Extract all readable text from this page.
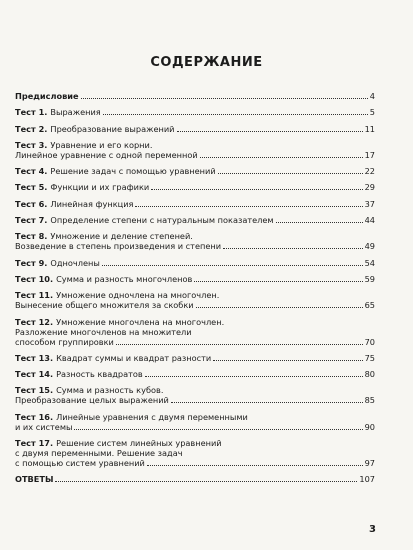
СОДЕРЖАНИЕ
Предисловие	4
Тест 1. Выражения	5
Тест 2. Преобразование выражений	11
Тест 3. Уравнение и его корни.
Линейное уравнение с одной переменной	17
Тест 4. Решение задач с помощью уравнений	22
Тест 5. Функции и их графики	29
Тест 6. Линейная функция	37
Тест 7. Определение степени с натуральным показателем	44
Тест 8. Умножение и деление степеней.
Возведение в степень произведения и степени	49
Тест 9. Одночлены	54
Тест 10. Сумма и разность многочленов	59
Тест 11. Умножение одночлена на многочлен.
Вынесение общего множителя за скобки	65
Тест 12. Умножение многочлена на многочлен.
Разложение многочленов на множители
способом группировки	70
Тест 13. Квадрат суммы и квадрат разности	75
Тест 14. Разность квадратов	80
Тест 15. Сумма и разность кубов.
Преобразование целых выражений	85
Тест 16. Линейные уравнения с двумя переменными
и их системы	90
Тест 17. Решение систем линейных уравнений
с двумя переменными. Решение задач
с помощью систем уравнений	97
ОТВЕТЫ	107
3
